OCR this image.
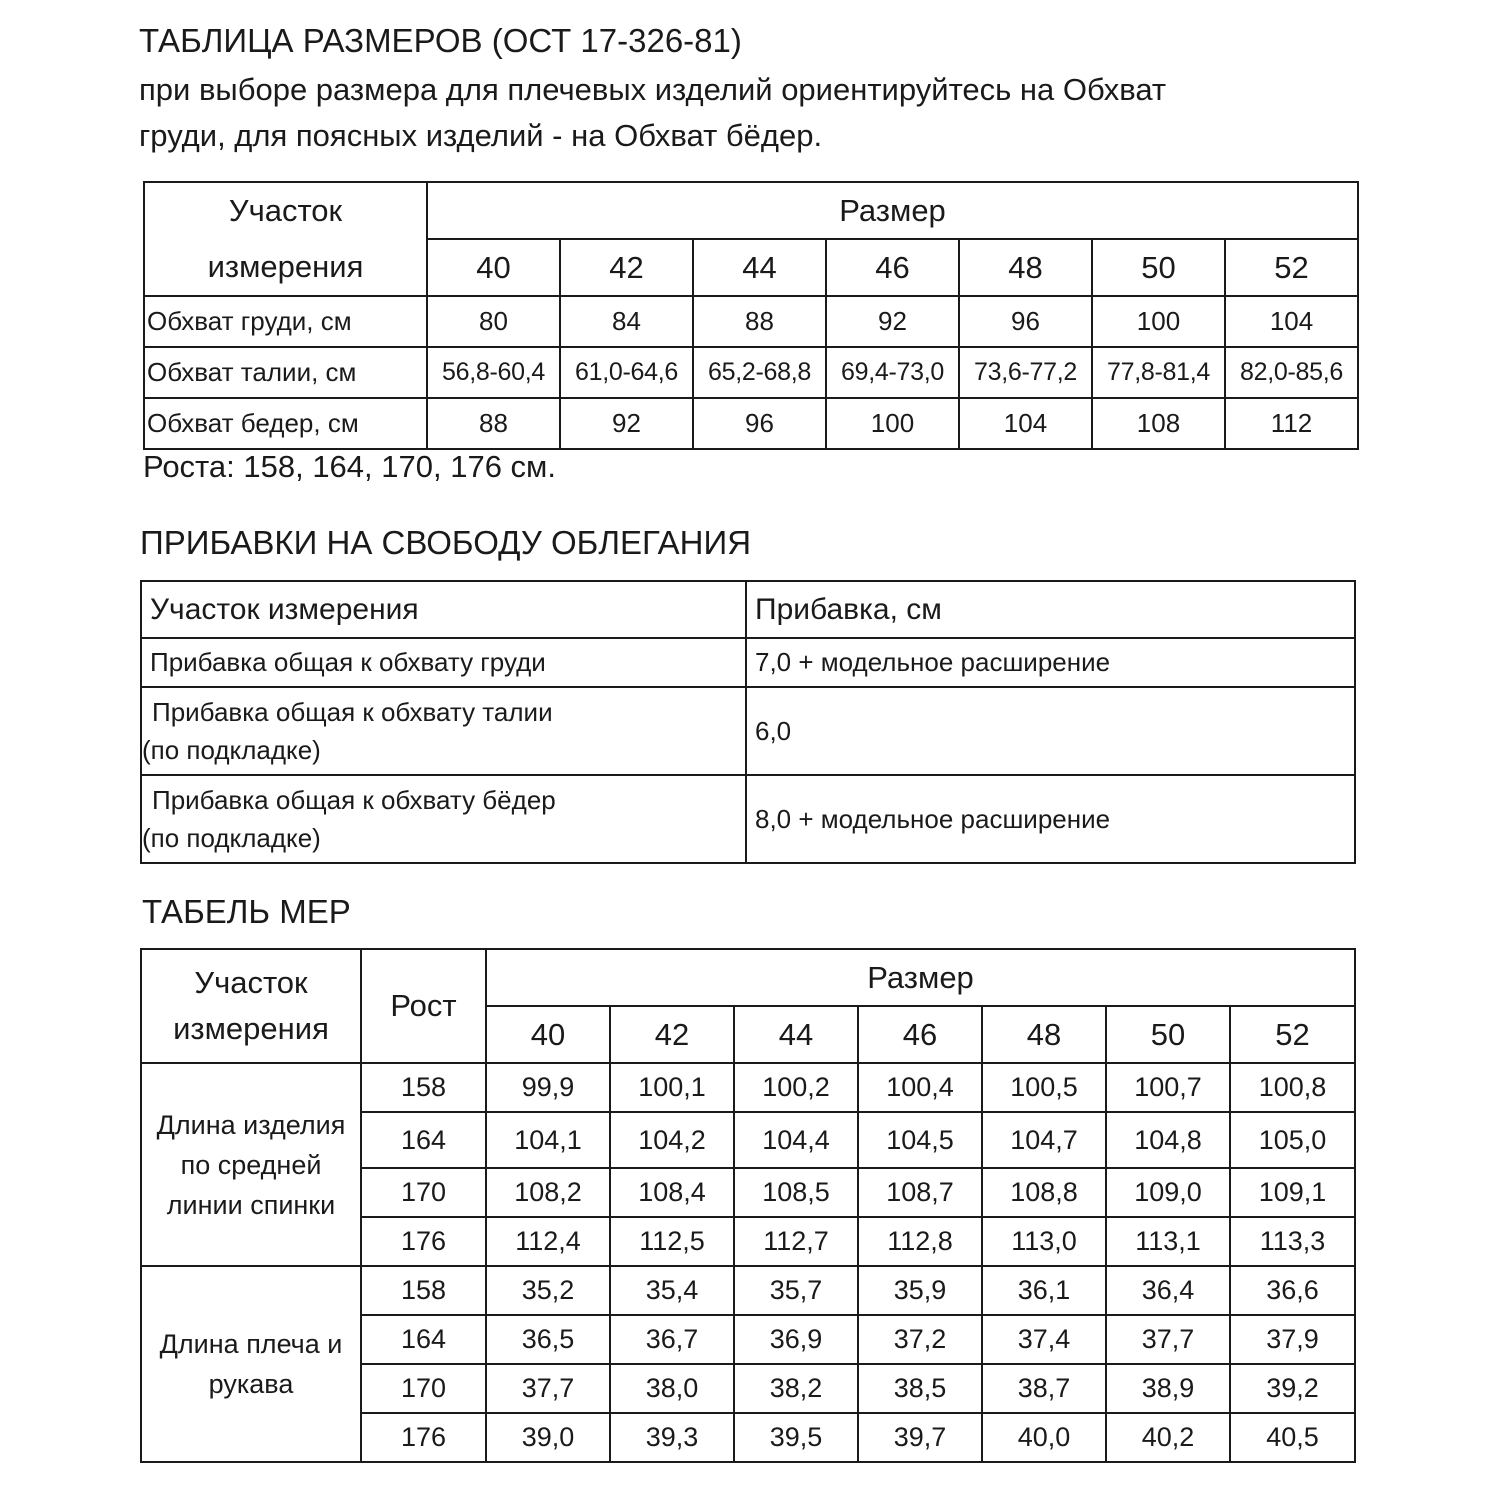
ТАБЛИЦА РАЗМЕРОВ (ОСТ 17-326-81)
при выборе размера для плечевых изделий ориентируйтесь на Обхват
груди, для поясных изделий - на Обхват бёдер.
Участок
измерения	Размер						
	40	42	44	46	48	50	52
Обхват груди, см	80	84	88	92	96	100	104
Обхват талии, см	56,8-60,4	61,0-64,6	65,2-68,8	69,4-73,0	73,6-77,2	77,8-81,4	82,0-85,6
Обхват бедер, см	88	92	96	100	104	108	112
Роста: 158, 164, 170, 176 см.
ПРИБАВКИ НА СВОБОДУ ОБЛЕГАНИЯ
Участок измерения	Прибавка, см
Прибавка общая к обхвату груди	7,0 + модельное расширение

Прибавка общая к обхвату талии
(по подкладке)	6,0

Прибавка общая к обхвату бёдер
(по подкладке)	8,0 + модельное расширение
ТАБЕЛЬ МЕР
Участок
измерения	Рост	Размер						
		40	42	44	46	48	50	52

Длина изделия
по средней
линии спинки	158	99,9	100,1	100,2	100,4	100,5	100,7	100,8
	164	104,1	104,2	104,4	104,5	104,7	104,8	105,0
	170	108,2	108,4	108,5	108,7	108,8	109,0	109,1
	176	112,4	112,5	112,7	112,8	113,0	113,1	113,3

Длина плеча и
рукава	158	35,2	35,4	35,7	35,9	36,1	36,4	36,6
	164	36,5	36,7	36,9	37,2	37,4	37,7	37,9
	170	37,7	38,0	38,2	38,5	38,7	38,9	39,2
	176	39,0	39,3	39,5	39,7	40,0	40,2	40,5
